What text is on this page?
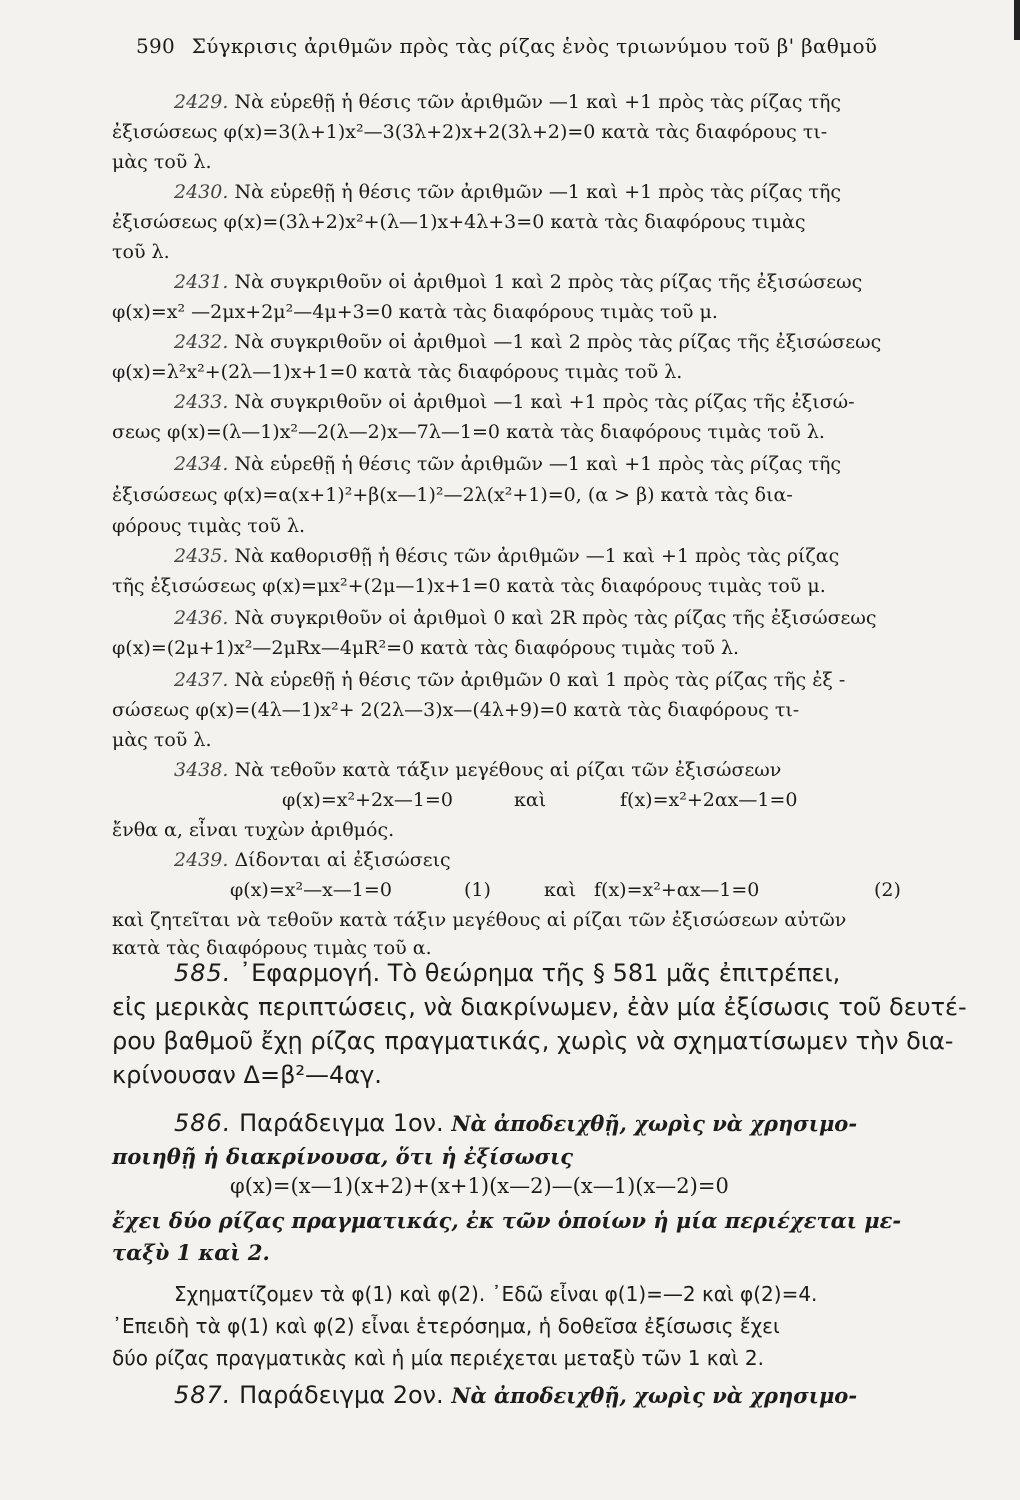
590 Σύγκρισις ἀριθμῶν πρὸς τὰς ρίζας ἑνὸς τριωνύμου τοῦ β' βαθμοῦ
2429. Νὰ εὑρεθῇ ἡ θέσις τῶν ἀριθμῶν —1 καὶ +1 πρὸς τὰς ρίζας τῆς
ἐξισώσεως φ(x)=3(λ+1)x²—3(3λ+2)x+2(3λ+2)=0 κατὰ τὰς διαφόρους τι-
μὰς τοῦ λ.
2430. Νὰ εὑρεθῇ ἡ θέσις τῶν ἀριθμῶν —1 καὶ +1 πρὸς τὰς ρίζας τῆς
ἐξισώσεως φ(x)=(3λ+2)x²+(λ—1)x+4λ+3=0 κατὰ τὰς διαφόρους τιμὰς
τοῦ λ.
2431. Νὰ συγκριθοῦν οἱ ἀριθμοὶ 1 καὶ 2 πρὸς τὰς ρίζας τῆς ἐξισώσεως
φ(x)=x² —2μx+2μ²—4μ+3=0 κατὰ τὰς διαφόρους τιμὰς τοῦ μ.
2432. Νὰ συγκριθοῦν οἱ ἀριθμοὶ —1 καὶ 2 πρὸς τὰς ρίζας τῆς ἐξισώσεως
φ(x)=λ²x²+(2λ—1)x+1=0 κατὰ τὰς διαφόρους τιμὰς τοῦ λ.
2433. Νὰ συγκριθοῦν οἱ ἀριθμοὶ —1 καὶ +1 πρὸς τὰς ρίζας τῆς ἐξισώ-
σεως φ(x)=(λ—1)x²—2(λ—2)x—7λ—1=0 κατὰ τὰς διαφόρους τιμὰς τοῦ λ.
2434. Νὰ εὑρεθῇ ἡ θέσις τῶν ἀριθμῶν —1 καὶ +1 πρὸς τὰς ρίζας τῆς
ἐξισώσεως φ(x)=α(x+1)²+β(x—1)²—2λ(x²+1)=0, (α > β) κατὰ τὰς δια-
φόρους τιμὰς τοῦ λ.
2435. Νὰ καθορισθῇ ἡ θέσις τῶν ἀριθμῶν —1 καὶ +1 πρὸς τὰς ρίζας
τῆς ἐξισώσεως φ(x)=μx²+(2μ—1)x+1=0 κατὰ τὰς διαφόρους τιμὰς τοῦ μ.
2436. Νὰ συγκριθοῦν οἱ ἀριθμοὶ 0 καὶ 2R πρὸς τὰς ρίζας τῆς ἐξισώσεως
φ(x)=(2μ+1)x²—2μRx—4μR²=0 κατὰ τὰς διαφόρους τιμὰς τοῦ λ.
2437. Νὰ εὑρεθῇ ἡ θέσις τῶν ἀριθμῶν 0 καὶ 1 πρὸς τὰς ρίζας τῆς ἐξ -
σώσεως φ(x)=(4λ—1)x²+ 2(2λ—3)x—(4λ+9)=0 κατὰ τὰς διαφόρους τι-
μὰς τοῦ λ.
3438. Νὰ τεθοῦν κατὰ τάξιν μεγέθους αἱ ρίζαι τῶν ἐξισώσεων
φ(x)=x²+2x—1=0	καὶ	f(x)=x²+2αx—1=0
ἔνθα α, εἶναι τυχὼν ἀριθμός.
2439. Δίδονται αἱ ἐξισώσεις
φ(x)=x²—x—1=0	(1)	καὶ f(x)=x²+αx—1=0	(2)
καὶ ζητεῖται νὰ τεθοῦν κατὰ τάξιν μεγέθους αἱ ρίζαι τῶν ἐξισώσεων αὐτῶν
κατὰ τὰς διαφόρους τιμὰς τοῦ α.
585. ᾿Εφαρμογή. Τὸ θεώρημα τῆς § 581 μᾶς ἐπιτρέπει,
εἰς μερικὰς περιπτώσεις, νὰ διακρίνωμεν, ἐὰν μία ἐξίσωσις τοῦ δευτέ-
ρου βαθμοῦ ἔχῃ ρίζας πραγματικάς, χωρὶς νὰ σχηματίσωμεν τὴν δια-
κρίνουσαν Δ=β²—4αγ.
586. Παράδειγμα 1ον. Νὰ ἀποδειχθῇ, χωρὶς νὰ χρησιμο-
ποιηθῇ ἡ διακρίνουσα, ὅτι ἡ ἐξίσωσις
φ(x)=(x—1)(x+2)+(x+1)(x—2)—(x—1)(x—2)=0
ἔχει δύο ρίζας πραγματικάς, ἐκ τῶν ὁποίων ἡ μία περιέχεται με-
ταξὺ 1 καὶ 2.
Σχηματίζομεν τὰ φ(1) καὶ φ(2). ᾿Εδῶ εἶναι φ(1)=—2 καὶ φ(2)=4.
᾿Επειδὴ τὰ φ(1) καὶ φ(2) εἶναι ἑτερόσημα, ἡ δοθεῖσα ἐξίσωσις ἔχει
δύο ρίζας πραγματικὰς καὶ ἡ μία περιέχεται μεταξὺ τῶν 1 καὶ 2.
587. Παράδειγμα 2ον. Νὰ ἀποδειχθῇ, χωρὶς νὰ χρησιμο-
